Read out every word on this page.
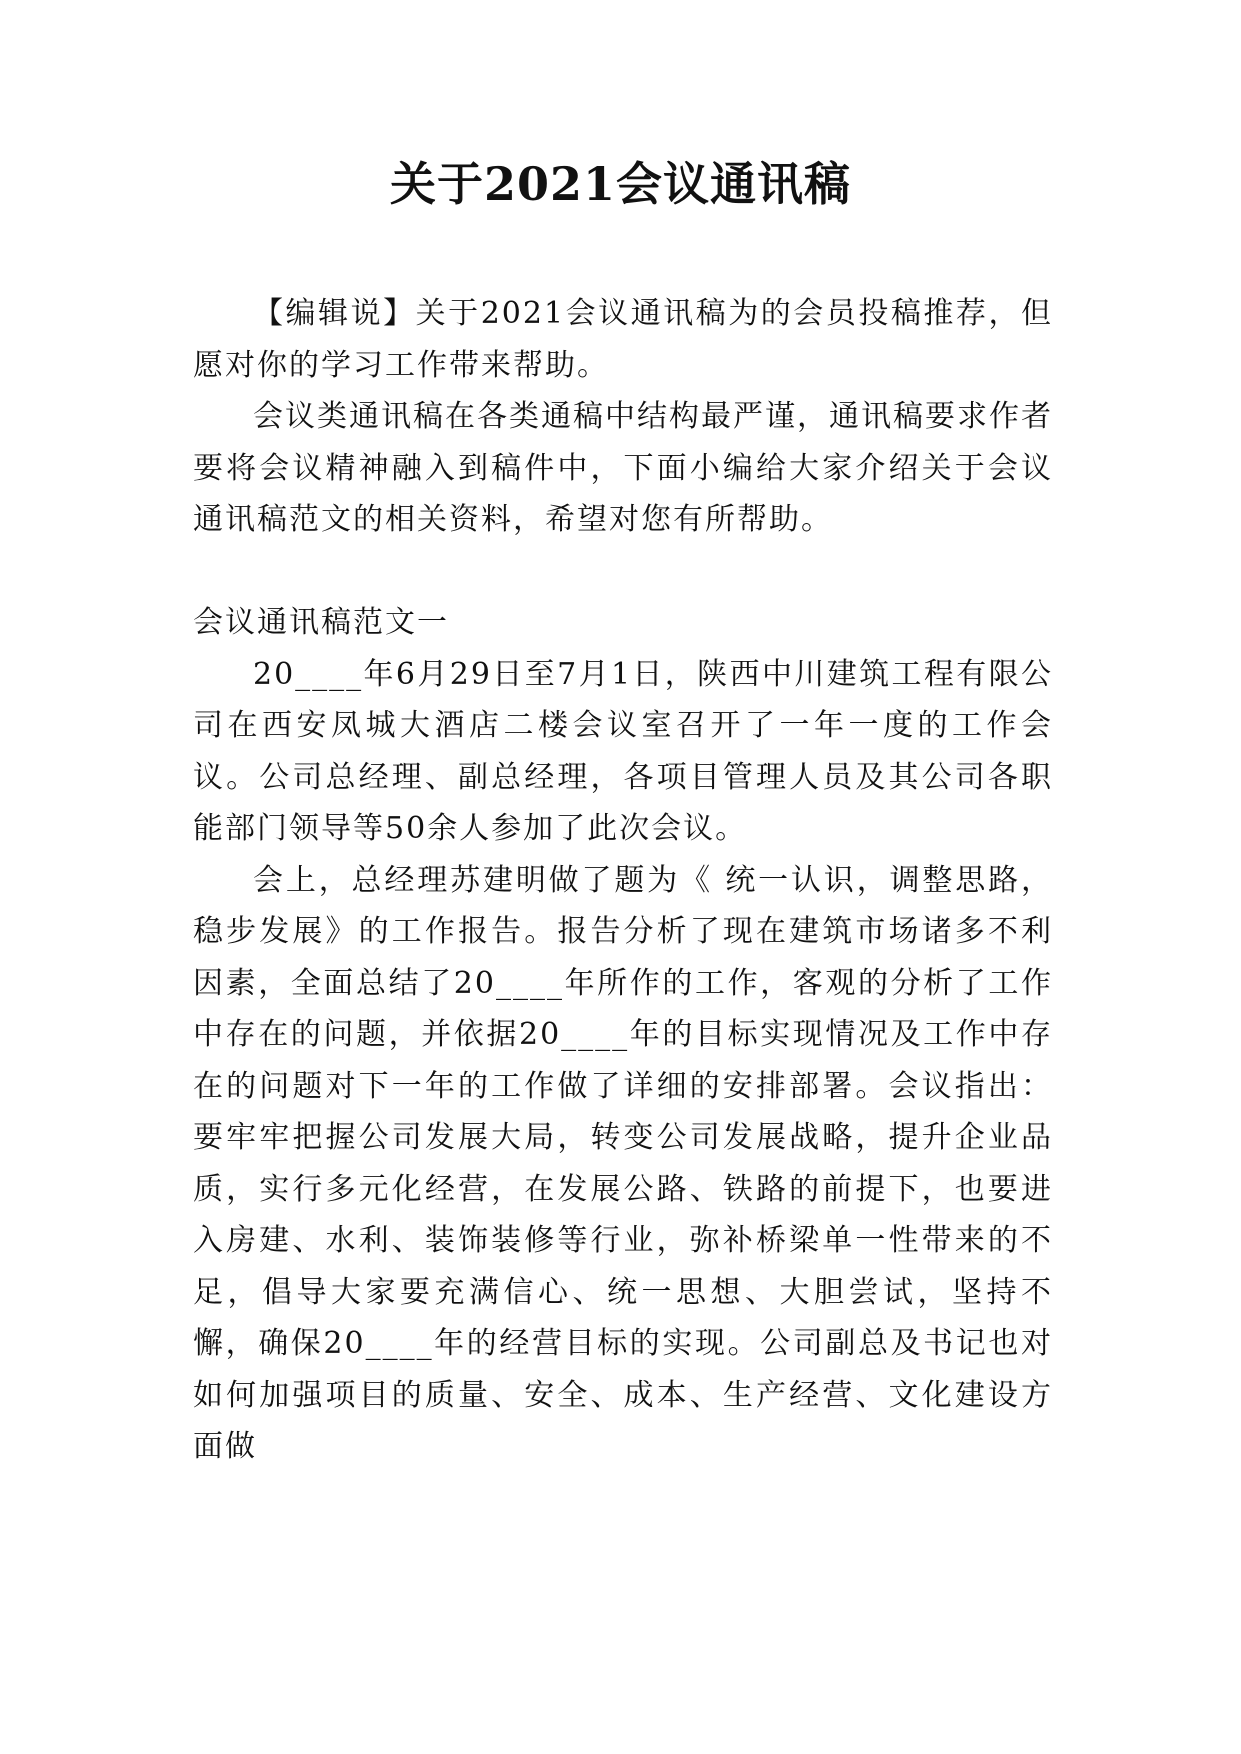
关于2021会议通讯稿

【编辑说】关于2021会议通讯稿为的会员投稿推荐，但愿对你的学习工作带来帮助。

会议类通讯稿在各类通稿中结构最严谨，通讯稿要求作者要将会议精神融入到稿件中，下面小编给大家介绍关于会议通讯稿范文的相关资料，希望对您有所帮助。

会议通讯稿范文一

20____年6月29日至7月1日，陕西中川建筑工程有限公司在西安凤城大酒店二楼会议室召开了一年一度的工作会议。公司总经理、副总经理，各项目管理人员及其公司各职能部门领导等50余人参加了此次会议。

会上，总经理苏建明做了题为《 统一认识，调整思路，稳步发展》的工作报告。报告分析了现在建筑市场诸多不利因素，全面总结了20____年所作的工作，客观的分析了工作中存在的问题，并依据20____年的目标实现情况及工作中存在的问题对下一年的工作做了详细的安排部署。会议指出：要牢牢把握公司发展大局，转变公司发展战略，提升企业品质，实行多元化经营，在发展公路、铁路的前提下，也要进入房建、水利、装饰装修等行业，弥补桥梁单一性带来的不足，倡导大家要充满信心、统一思想、大胆尝试，坚持不懈，确保20____年的经营目标的实现。公司副总及书记也对如何加强项目的质量、安全、成本、生产经营、文化建设方面做
